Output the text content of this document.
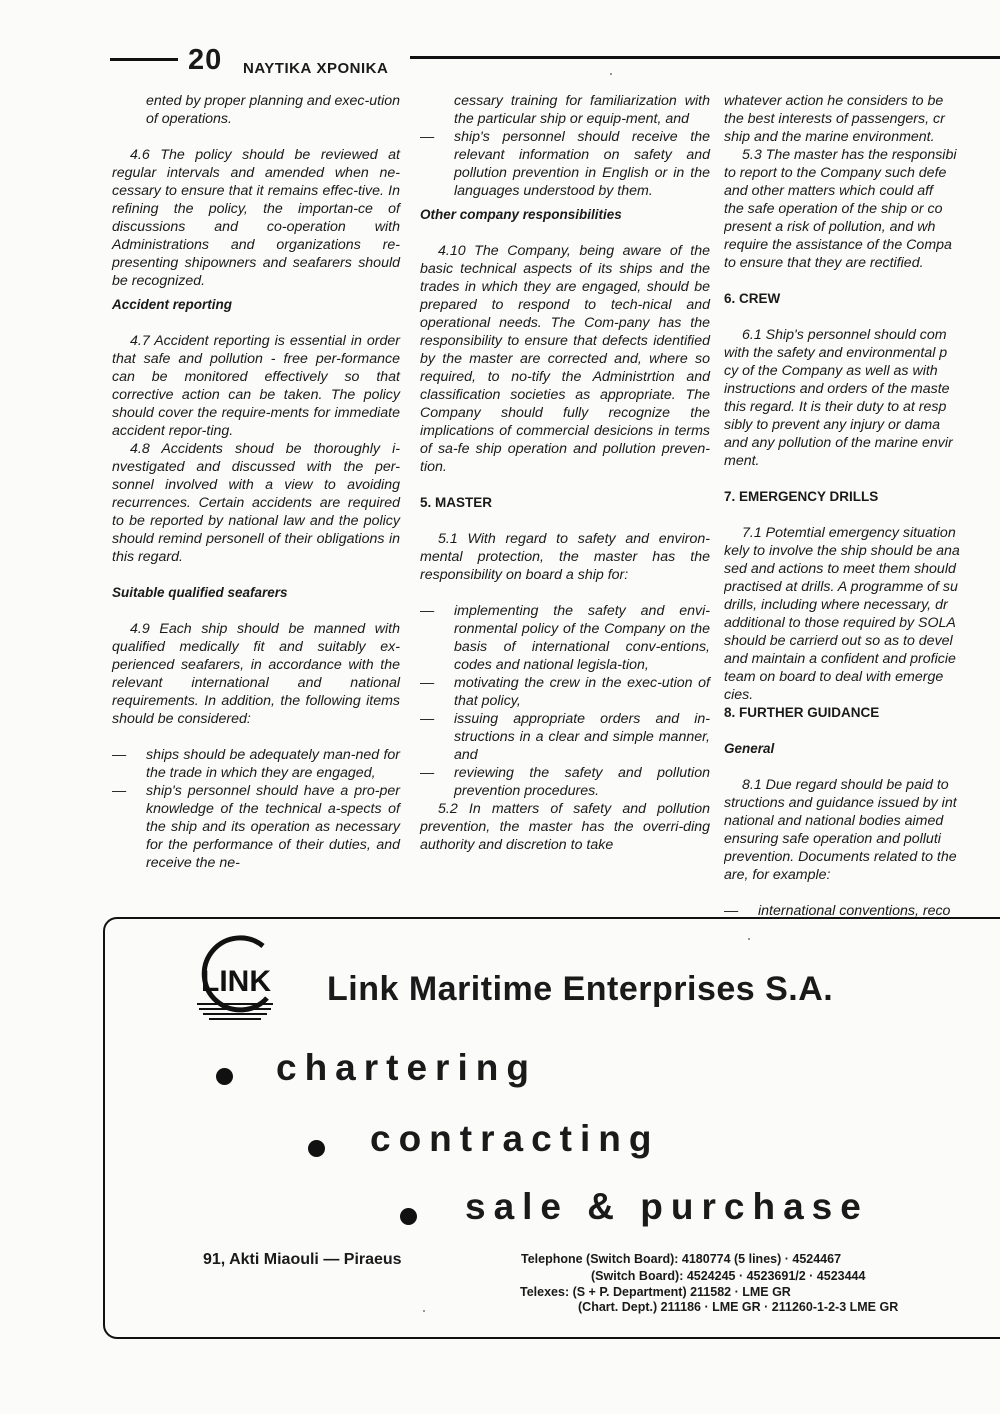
20 ΝΑΥΤΙΚΑ ΧΡΟΝΙΚΑ

ented by proper planning and exec-ution of operations.

4.6 The policy should be reviewed at regular intervals and amended when ne-cessary to ensure that it remains effec-tive. In refining the policy, the importan-ce of discussions and co-operation with Administrations and organizations re-presenting shipowners and seafarers should be recognized.

Accident reporting

4.7 Accident reporting is essential in order that safe and pollution - free per-formance can be monitored effectively so that corrective action can be taken. The policy should cover the require-ments for immediate accident repor-ting.

4.8 Accidents shoud be thoroughly i-nvestigated and discussed with the per-sonnel involved with a view to avoiding recurrences. Certain accidents are required to be reported by national law and the policy should remind personell of their obligations in this regard.

Suitable qualified seafarers

4.9 Each ship should be manned with qualified medically fit and suitably ex-perienced seafarers, in accordance with the relevant international and national requirements. In addition, the following items should be considered:

—	ships should be adequately man-ned for the trade in which they are engaged,
—	ship's personnel should have a pro-per knowledge of the technical a-spects of the ship and its operation as necessary for the performance of their duties, and receive the ne-

cessary training for familiarization with the particular ship or equip-ment, and

—	ship's personnel should receive the relevant information on safety and pollution prevention in English or in the languages understood by them.

Other company responsibilities

4.10 The Company, being aware of the basic technical aspects of its ships and the trades in which they are engaged, should be prepared to respond to tech-nical and operational needs. The Com-pany has the responsibility to ensure that defects identified by the master are corrected and, where so required, to no-tify the Administrtion and classification societies as appropriate. The Company should fully recognize the implications of commercial desicions in terms of sa-fe ship operation and pollution preven-tion.

5. MASTER

5.1 With regard to safety and environ-mental protection, the master has the responsibility on board a ship for:

—	implementing the safety and envi-ronmental policy of the Company on the basis of international conv-entions, codes and national legisla-tion,
—	motivating the crew in the exec-ution of that policy,
—	issuing appropriate orders and in-structions in a clear and simple manner, and
—	reviewing the safety and pollution prevention procedures.

5.2 In matters of safety and pollution prevention, the master has the overri-ding authority and discretion to take

whatever action he considers to be

the best interests of passengers, cr

ship and the marine environment.

5.3 The master has the responsibi

to report to the Company such defe

and other matters which could aff

the safe operation of the ship or co

present a risk of pollution, and wh

require the assistance of the Compa

to ensure that they are rectified.

6. CREW

6.1 Ship's personnel should com

with the safety and environmental p

cy of the Company as well as with

instructions and orders of the maste

this regard. It is their duty to at resp

sibly to prevent any injury or dama

and any pollution of the marine envir

ment.

7. EMERGENCY DRILLS

7.1 Potemtial emergency situation

kely to involve the ship should be ana

sed and actions to meet them should

practised at drills. A programme of su

drills, including where necessary, dr

additional to those required by SOLA

should be carrierd out so as to devel

and maintain a confident and proficie

team on board to deal with emerge

cies.

8. FURTHER GUIDANCE

General

8.1 Due regard should be paid to

structions and guidance issued by int

national and national bodies aimed

ensuring safe operation and polluti

prevention. Documents related to the

are, for example:

—	international conventions, reco
LINK Link Maritime Enterprises S.A.
chartering
contracting
sale & purchase
91, Akti Miaouli — Piraeus	Telephone (Switch Board): 4180774 (5 lines) · 4524467
(Switch Board): 4524245 · 4523691/2 · 4523444
Telexes: (S + P. Department) 211582 · LME GR
(Chart. Dept.) 211186 · LME GR · 211260-1-2-3 LME GR
